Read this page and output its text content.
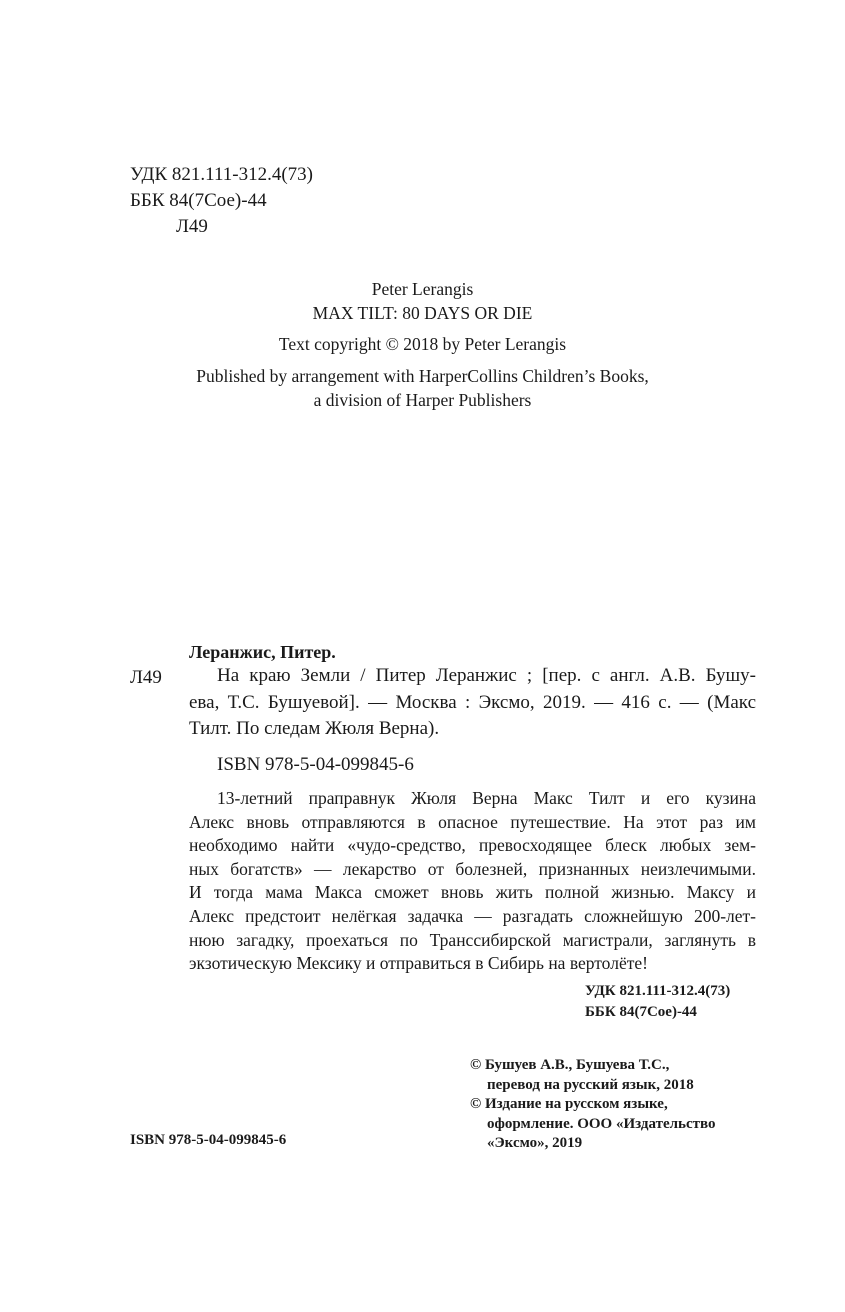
УДК 821.111-312.4(73)
ББК 84(7Сое)-44
Л49
Peter Lerangis
MAX TILT: 80 DAYS OR DIE
Text copyright © 2018 by Peter Lerangis
Published by arrangement with HarperCollins Children’s Books,
a division of Harper Publishers
Леранжис, Питер.
Л49	На краю Земли / Питер Леранжис ; [пер. с англ. А.В. Бушу-
ева, Т.С. Бушуевой]. — Москва : Эксмо, 2019. — 416 с. — (Макс
Тилт. По следам Жюля Верна).
ISBN 978-5-04-099845-6
13-летний праправнук Жюля Верна Макс Тилт и его кузина
Алекс вновь отправляются в опасное путешествие. На этот раз им
необходимо найти «чудо-средство, превосходящее блеск любых зем-
ных богатств» — лекарство от болезней, признанных неизлечимыми.
И тогда мама Макса сможет вновь жить полной жизнью. Максу и
Алекс предстоит нелёгкая задачка — разгадать сложнейшую 200-лет-
нюю загадку, проехаться по Транссибирской магистрали, заглянуть в
экзотическую Мексику и отправиться в Сибирь на вертолёте!
УДК 821.111-312.4(73)
ББК 84(7Сое)-44
© Бушуев А.В., Бушуева Т.С.,
перевод на русский язык, 2018
© Издание на русском языке,
оформление. ООО «Издательство
«Эксмо», 2019
ISBN 978-5-04-099845-6
